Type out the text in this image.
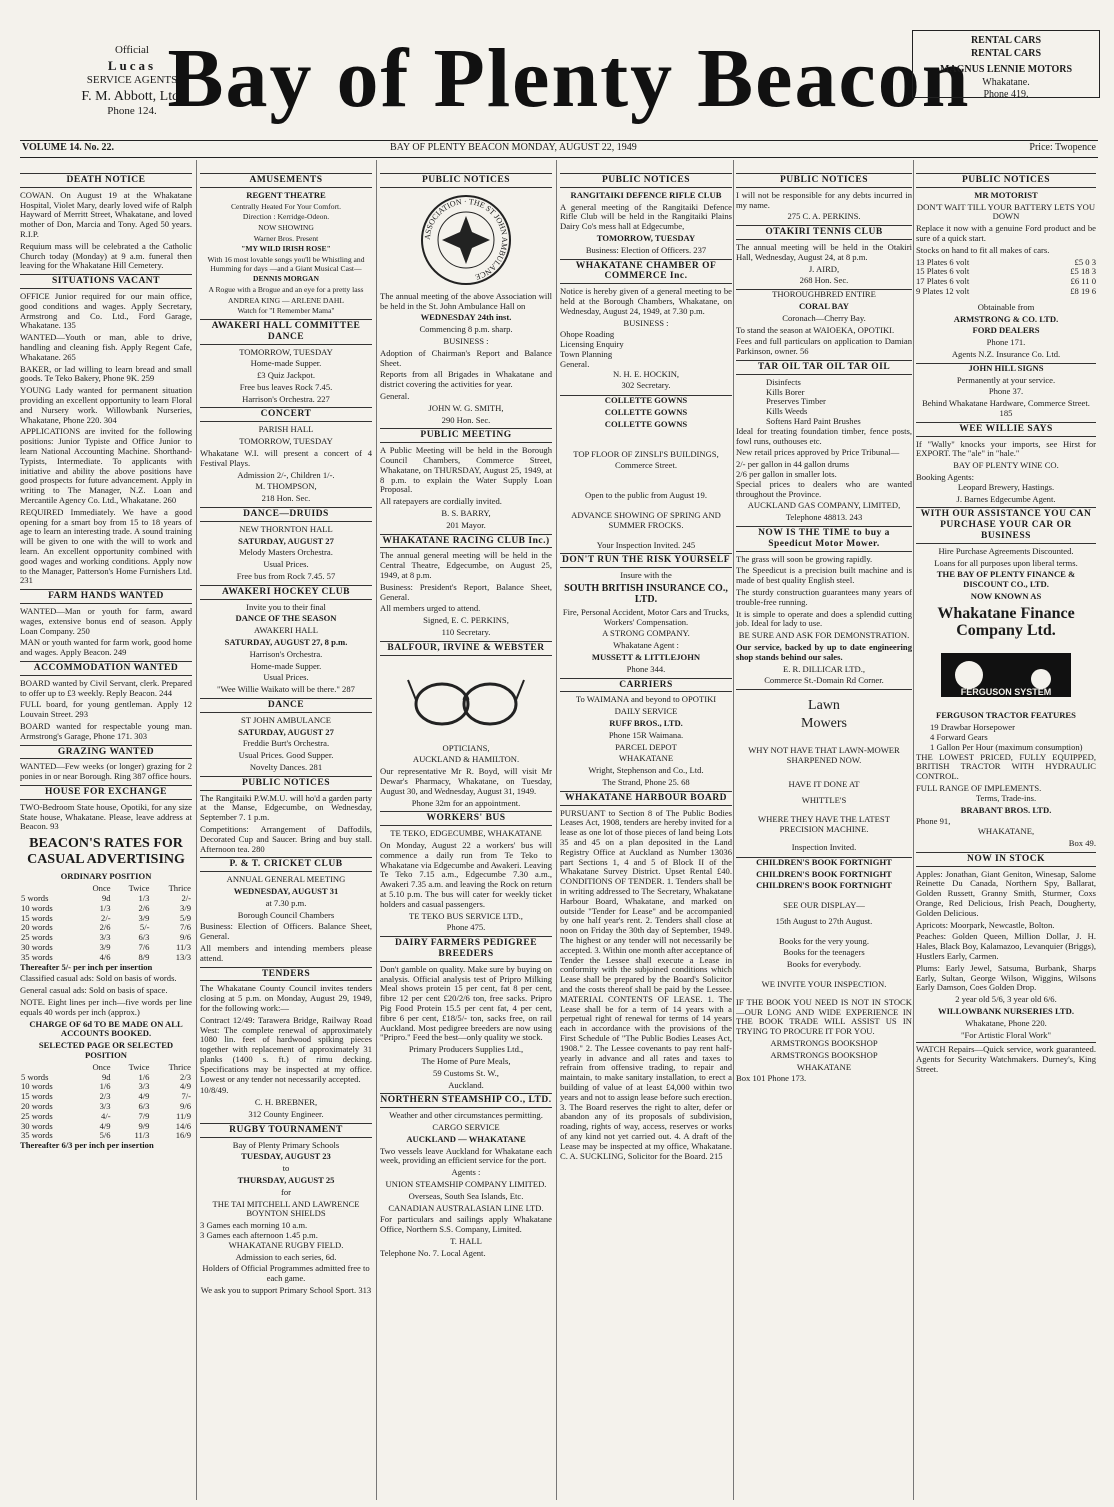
Official
Lucas
SERVICE AGENTS
F. M. Abbott, Ltd.
Phone 124. Bay of Plenty Beacon RENTAL CARS
RENTAL CARS
MAGNUS LENNIE MOTORS
Whakatane.
Phone 419.
VOLUME 14. No. 22.	BAY OF PLENTY BEACON MONDAY, AUGUST 22, 1949	Price: Twopence
DEATH NOTICE

COWAN. On August 19 at the Whakatane Hospital, Violet Mary, dearly loved wife of Ralph Hayward of Merritt Street, Whakatane, and loved mother of Don, Marcia and Tony. Aged 50 years. R.I.P.

Requium mass will be celebrated a the Catholic Church today (Monday) at 9 a.m. funeral then leaving for the Whakatane Hill Cemetery.

SITUATIONS VACANT

OFFICE Junior required for our main office, good conditions and wages. Apply Secretary, Armstrong and Co. Ltd., Ford Garage, Whakatane. 135

WANTED—Youth or man, able to drive, handling and cleaning fish. Apply Regent Cafe, Whakatane. 265

BAKER, or lad willing to learn bread and small goods. Te Teko Bakery, Phone 9K. 259

YOUNG Lady wanted for permanent situation providing an excellent opportunity to learn Floral and Nursery work. Willowbank Nurseries, Whakatane, Phone 220. 304

APPLICATIONS are invited for the following positions: Junior Typiste and Office Junior to learn National Accounting Machine. Shorthand-Typists, Intermediate. To applicants with initiative and ability the above positions have good prospects for future advancement. Apply in writing to The Manager, N.Z. Loan and Mercantile Agency Co. Ltd., Whakatane. 260

REQUIRED Immediately. We have a good opening for a smart boy from 15 to 18 years of age to learn an interesting trade. A sound training will be given to one with the will to work and learn. An excellent opportunity combined with good wages and working conditions. Apply now to the Manager, Patterson's Home Furnishers Ltd. 231

FARM HANDS WANTED

WANTED—Man or youth for farm, award wages, extensive bonus end of season. Apply Loan Company. 250

MAN or youth wanted for farm work, good home and wages. Apply Beacon. 249

ACCOMMODATION WANTED

BOARD wanted by Civil Servant, clerk. Prepared to offer up to £3 weekly. Reply Beacon. 244

FULL board, for young gentleman. Apply 12 Louvain Street. 293

BOARD wanted for respectable young man. Armstrong's Garage, Phone 171. 303

GRAZING WANTED

WANTED—Few weeks (or longer) grazing for 2 ponies in or near Borough. Ring 387 office hours.

HOUSE FOR EXCHANGE

TWO-Bedroom State house, Opotiki, for any size State house, Whakatane. Please, leave address at Beacon. 93

BEACON'S RATES FOR CASUAL ADVERTISING
ORDINARY POSITION
	Once	Twice	Thrice
5 words	9d	1/3	2/-
10 words	1/3	2/6	3/9
15 words	2/-	3/9	5/9
20 words	2/6	5/-	7/6
25 words	3/3	6/3	9/6
30 words	3/9	7/6	11/3
35 words	4/6	8/9	13/3

Thereafter 5/- per inch per insertion

Classified casual ads: Sold on basis of words.

General casual ads: Sold on basis of space.

NOTE. Eight lines per inch—five words per line equals 40 words per inch (approx.)

CHARGE OF 6d TO BE MADE ON ALL ACCOUNTS BOOKED.
SELECTED PAGE OR SELECTED POSITION
	Once	Twice	Thrice
5 words	9d	1/6	2/3
10 words	1/6	3/3	4/9
15 words	2/3	4/9	7/-
20 words	3/3	6/3	9/6
25 words	4/-	7/9	11/9
30 words	4/9	9/9	14/6
35 words	5/6	11/3	16/9

Thereafter 6/3 per inch per insertion

AMUSEMENTS
REGENT THEATRE
Centrally Heated For Your Comfort.
Direction : Kerridge-Odeon.
NOW SHOWING
Warner Bros. Present
"MY WILD IRISH ROSE"
With 16 most lovable songs you'll be Whistling and Humming for days —and a Giant Musical Cast—
DENNIS MORGAN
A Rogue with a Brogue and an eye for a pretty lass
ANDREA KING — ARLENE DAHL
Watch for "I Remember Mama"
AWAKERI HALL COMMITTEE DANCE
TOMORROW, TUESDAY
Home-made Supper.
£3 Quiz Jackpot.
Free bus leaves Rock 7.45.
Harrison's Orchestra. 227
CONCERT
PARISH HALL
TOMORROW, TUESDAY

Whakatane W.I. will present a concert of 4 Festival Plays.

Admission 2/-, Children 1/-.
M. THOMPSON,
218 Hon. Sec.
DANCE—DRUIDS
NEW THORNTON HALL
SATURDAY, AUGUST 27
Melody Masters Orchestra.
Usual Prices.
Free bus from Rock 7.45. 57
AWAKERI HOCKEY CLUB
Invite you to their final
DANCE OF THE SEASON
AWAKERI HALL
SATURDAY, AUGUST 27, 8 p.m.
Harrison's Orchestra.
Home-made Supper.
Usual Prices.
"Wee Willie Waikato will be there." 287
DANCE
ST JOHN AMBULANCE
SATURDAY, AUGUST 27
Freddie Burt's Orchestra.
Usual Prices. Good Supper.
Novelty Dances. 281
PUBLIC NOTICES

The Rangitaiki P.W.M.U. will ho'd a garden party at the Manse, Edgecumbe, on Wednesday, September 7. 1 p.m.

Competitions: Arrangement of Daffodils, Decorated Cup and Saucer. Bring and buy stall. Afternoon tea. 280

P. & T. CRICKET CLUB
ANNUAL GENERAL MEETING
WEDNESDAY, AUGUST 31
at 7.30 p.m.
Borough Council Chambers

Business: Election of Officers. Balance Sheet, General.

All members and intending members please attend.

TENDERS

The Whakatane County Council invites tenders closing at 5 p.m. on Monday, August 29, 1949, for the following work:—

Contract 12/49: Tarawera Bridge, Railway Road West: The complete renewal of approximately 1080 lin. feet of hardwood spiking pieces together with replacement of approximately 31 planks (1400 s. ft.) of rimu decking. Specifications may be inspected at my office. Lowest or any tender not necessarily accepted.

10/8/49.

C. H. BREBNER,
312 County Engineer.
RUGBY TOURNAMENT
Bay of Plenty Primary Schools
TUESDAY, AUGUST 23
to
THURSDAY, AUGUST 25
for
THE TAI MITCHELL AND LAWRENCE BOYNTON SHIELDS
3 Games each morning 10 a.m.
3 Games each afternoon 1.45 p.m.
WHAKATANE RUGBY FIELD.
Admission to each series, 6d.
Holders of Official Programmes admitted free to each game.
We ask you to support Primary School Sport. 313
PUBLIC NOTICES
ASSOCIATION · THE ST JOHN AMBULANCE

The annual meeting of the above Association will be held in the St. John Ambulance Hall on

WEDNESDAY 24th inst.
Commencing 8 p.m. sharp.
BUSINESS :

Adoption of Chairman's Report and Balance Sheet.

Reports from all Brigades in Whakatane and district covering the activities for year.

General.

JOHN W. G. SMITH,
290 Hon. Sec.
PUBLIC MEETING

A Public Meeting will be held in the Borough Council Chambers, Commerce Street, Whakatane, on THURSDAY, August 25, 1949, at 8 p.m. to explain the Water Supply Loan Proposal.

All ratepayers are cordially invited.

B. S. BARRY,
201 Mayor.
WHAKATANE RACING CLUB Inc.)

The annual general meeting will be held in the Central Theatre, Edgecumbe, on August 25, 1949, at 8 p.m.

Business: President's Report, Balance Sheet, General.

All members urged to attend.

Signed, E. C. PERKINS,
110 Secretary.
BALFOUR, IRVINE & WEBSTER
OPTICIANS,
AUCKLAND & HAMILTON.

Our representative Mr R. Boyd, will visit Mr Dewar's Pharmacy, Whakatane, on Tuesday, August 30, and Wednesday, August 31, 1949.

Phone 32m for an appointment.
WORKERS' BUS
TE TEKO, EDGECUMBE, WHAKATANE

On Monday, August 22 a workers' bus will commence a daily run from Te Teko to Whakatane via Edgecumbe and Awakeri. Leaving Te Teko 7.15 a.m., Edgecumbe 7.30 a.m., Awakeri 7.35 a.m. and leaving the Rock on return at 5.10 p.m. The bus will cater for weekly ticket holders and casual passengers.

TE TEKO BUS SERVICE LTD.,
Phone 475.
DAIRY FARMERS PEDIGREE BREEDERS

Don't gamble on quality. Make sure by buying on analysis. Official analysis test of Pripro Milking Meal shows protein 15 per cent, fat 8 per cent, fibre 12 per cent £20/2/6 ton, free sacks. Pripro Pig Food Protein 15.5 per cent fat, 4 per cent, fibre 6 per cent, £18/5/- ton, sacks free, on rail Auckland. Most pedigree breeders are now using "Pripro." Feed the best—only quality we stock.

Primary Producers Supplies Ltd.,
The Home of Pure Meals,
59 Customs St. W.,
Auckland.
NORTHERN STEAMSHIP CO., LTD.
Weather and other circumstances permitting.
CARGO SERVICE
AUCKLAND — WHAKATANE

Two vessels leave Auckland for Whakatane each week, providing an efficient service for the port.

Agents :
UNION STEAMSHIP COMPANY LIMITED.
Overseas, South Sea Islands, Etc.
CANADIAN AUSTRALASIAN LINE LTD.

For particulars and sailings apply Whakatane Office, Northern S.S. Company, Limited.

T. HALL
Telephone No. 7. Local Agent.
PUBLIC NOTICES
RANGITAIKI DEFENCE RIFLE CLUB

A general meeting of the Rangitaiki Defence Rifle Club will be held in the Rangitaiki Plains Dairy Co's mess hall at Edgecumbe,

TOMORROW, TUESDAY
Business: Election of Officers. 237
WHAKATANE CHAMBER OF COMMERCE Inc.

Notice is hereby given of a general meeting to be held at the Borough Chambers, Whakatane, on Wednesday, August 24, 1949, at 7.30 p.m.

BUSINESS :
Ohope Roading
Licensing Enquiry
Town Planning
General.
N. H. E. HOCKIN,
302 Secretary.
COLLETTE GOWNS
COLLETTE GOWNS
COLLETTE GOWNS
TOP FLOOR OF ZINSLI'S BUILDINGS,
Commerce Street.
Open to the public from August 19.
ADVANCE SHOWING OF SPRING AND SUMMER FROCKS.
Your Inspection Invited. 245
DON'T RUN THE RISK YOURSELF
Insure with the
SOUTH BRITISH INSURANCE CO., LTD.
Fire, Personal Accident, Motor Cars and Trucks, Workers' Compensation.
A STRONG COMPANY.
Whakatane Agent :
MUSSETT & LITTLEJOHN
Phone 344.
CARRIERS
To WAIMANA and beyond to OPOTIKI
DAILY SERVICE
RUFF BROS., LTD.
Phone 15R Waimana.
PARCEL DEPOT
WHAKATANE
Wright, Stephenson and Co., Ltd.
The Strand, Phone 25. 68
WHAKATANE HARBOUR BOARD

PURSUANT to Section 8 of The Public Bodies Leases Act, 1908, tenders are hereby invited for a lease as one lot of those pieces of land being Lots 35 and 45 on a plan deposited in the Land Registry Office at Auckland as Number 13036 part Sections 1, 4 and 5 of Block II of the Whakatane Survey District. Upset Rental £40. CONDITIONS OF TENDER. 1. Tenders shall be in writing addressed to The Secretary, Whakatane Harbour Board, Whakatane, and marked on outside "Tender for Lease" and be accompanied by one half year's rent. 2. Tenders shall close at noon on Friday the 30th day of September, 1949. The highest or any tender will not necessarily be accepted. 3. Within one month after acceptance of Tender the Lessee shall execute a Lease in conformity with the subjoined conditions which Lease shall be prepared by the Board's Solicitor and the costs thereof shall be paid by the Lessee. MATERIAL CONTENTS OF LEASE. 1. The Lease shall be for a term of 14 years with a perpetual right of renewal for terms of 14 years each in accordance with the provisions of the First Schedule of "The Public Bodies Leases Act, 1908." 2. The Lessee covenants to pay rent half-yearly in advance and all rates and taxes to refrain from offensive trading, to repair and maintain, to make sanitary installation, to erect a building of value of at least £4,000 within two years and not to assign lease before such erection. 3. The Board reserves the right to alter, defer or abandon any of its proposals of subdivision, roading, rights of way, access, reserves or works of any kind not yet carried out. 4. A draft of the Lease may be inspected at my office, Whakatane. C. A. SUCKLING, Solicitor for the Board. 215

PUBLIC NOTICES

I will not be responsible for any debts incurred in my name.

275 C. A. PERKINS.
OTAKIRI TENNIS CLUB

The annual meeting will be held in the Otakiri Hall, Wednesday, August 24, at 8 p.m.

J. AIRD,
268 Hon. Sec.
THOROUGHBRED ENTIRE
CORAL BAY
Coronach—Cherry Bay.

To stand the season at WAIOEKA, OPOTIKI.

Fees and full particulars on application to Damian Parkinson, owner. 56

TAR OIL TAR OIL TAR OIL
Disinfects
Kills Borer
Preserves Timber
Kills Weeds
Softens Hard Paint Brushes

Ideal for treating foundation timber, fence posts, fowl runs, outhouses etc.

New retail prices approved by Price Tribunal—

2/- per gallon in 44 gallon drums
2/6 per gallon in smaller lots.

Special prices to dealers who are wanted throughout the Province.

AUCKLAND GAS COMPANY, LIMITED,
Telephone 48813. 243
NOW IS THE TIME to buy a Speedicut Motor Mower.

The grass will soon be growing rapidly.

The Speedicut is a precision built machine and is made of best quality English steel.

The sturdy construction guarantees many years of trouble-free running.

It is simple to operate and does a splendid cutting job. Ideal for lady to use.

BE SURE AND ASK FOR DEMONSTRATION.

Our service, backed by up to date engineering shop stands behind our sales.

E. R. DILLICAR LTD.,
Commerce St.-Domain Rd Corner.
Lawn
Mowers
WHY NOT HAVE THAT LAWN-MOWER SHARPENED NOW.
HAVE IT DONE AT
WHITTLE'S
WHERE THEY HAVE THE LATEST PRECISION MACHINE.
Inspection Invited.
CHILDREN'S BOOK FORTNIGHT
CHILDREN'S BOOK FORTNIGHT
CHILDREN'S BOOK FORTNIGHT
SEE OUR DISPLAY—
15th August to 27th August.
Books for the very young.
Books for the teenagers
Books for everybody.
WE INVITE YOUR INSPECTION.

IF THE BOOK YOU NEED IS NOT IN STOCK—OUR LONG AND WIDE EXPERIENCE IN THE BOOK TRADE WILL ASSIST US IN TRYING TO PROCURE IT FOR YOU.

ARMSTRONGS BOOKSHOP
ARMSTRONGS BOOKSHOP
WHAKATANE
Box 101 Phone 173.
PUBLIC NOTICES
MR MOTORIST
DON'T WAIT TILL YOUR BATTERY LETS YOU DOWN

Replace it now with a genuine Ford product and be sure of a quick start.

Stocks on hand to fit all makes of cars.

13 Plates 6 volt	£5 0 3
15 Plates 6 volt	£5 18 3
17 Plates 6 volt	£6 11 0
9 Plates 12 volt	£8 19 6
Obtainable from
ARMSTRONG & CO. LTD.
FORD DEALERS
Phone 171.
Agents N.Z. Insurance Co. Ltd.
JOHN HILL SIGNS
Permanently at your service.
Phone 37.
Behind Whakatane Hardware, Commerce Street. 185
WEE WILLIE SAYS

If "Wally" knocks your imports, see Hirst for EXPORT. The "ale" in "hale."

BAY OF PLENTY WINE CO.
Booking Agents:
Leopard Brewery, Hastings.
J. Barnes Edgecumbe Agent.
WITH OUR ASSISTANCE YOU CAN PURCHASE YOUR CAR OR BUSINESS
Hire Purchase Agreements Discounted.
Loans for all purposes upon liberal terms.
THE BAY OF PLENTY FINANCE & DISCOUNT CO., LTD.
NOW KNOWN AS
Whakatane Finance Company Ltd.
FERGUSON SYSTEM
FERGUSON TRACTOR FEATURES
19 Drawbar Horsepower
4 Forward Gears
1 Gallon Per Hour (maximum consumption)

THE LOWEST PRICED, FULLY EQUIPPED, BRITISH TRACTOR WITH HYDRAULIC CONTROL.

FULL RANGE OF IMPLEMENTS.
Terms, Trade-ins.
BRABANT BROS. LTD.
Phone 91,
WHAKATANE,
Box 49.
NOW IN STOCK

Apples: Jonathan, Giant Geniton, Winesap, Salome Reinette Du Canada, Northern Spy, Ballarat, Golden Russett, Granny Smith, Sturmer, Coxs Orange, Red Delicious, Irish Peach, Dougherty, Golden Delicious.

Apricots: Moorpark, Newcastle, Bolton.

Peaches: Golden Queen, Million Dollar, J. H. Hales, Black Boy, Kalamazoo, Levanquier (Briggs), Hustlers Early, Carmen.

Plums: Early Jewel, Satsuma, Burbank, Sharps Early, Sultan, George Wilson, Wiggins, Wilsons Early Damson, Coes Golden Drop.

2 year old 5/6, 3 year old 6/6.
WILLOWBANK NURSERIES LTD.
Whakatane, Phone 220.
"For Artistic Floral Work"

WATCH Repairs—Quick service, work guaranteed. Agents for Security Watchmakers. Durney's, King Street.
